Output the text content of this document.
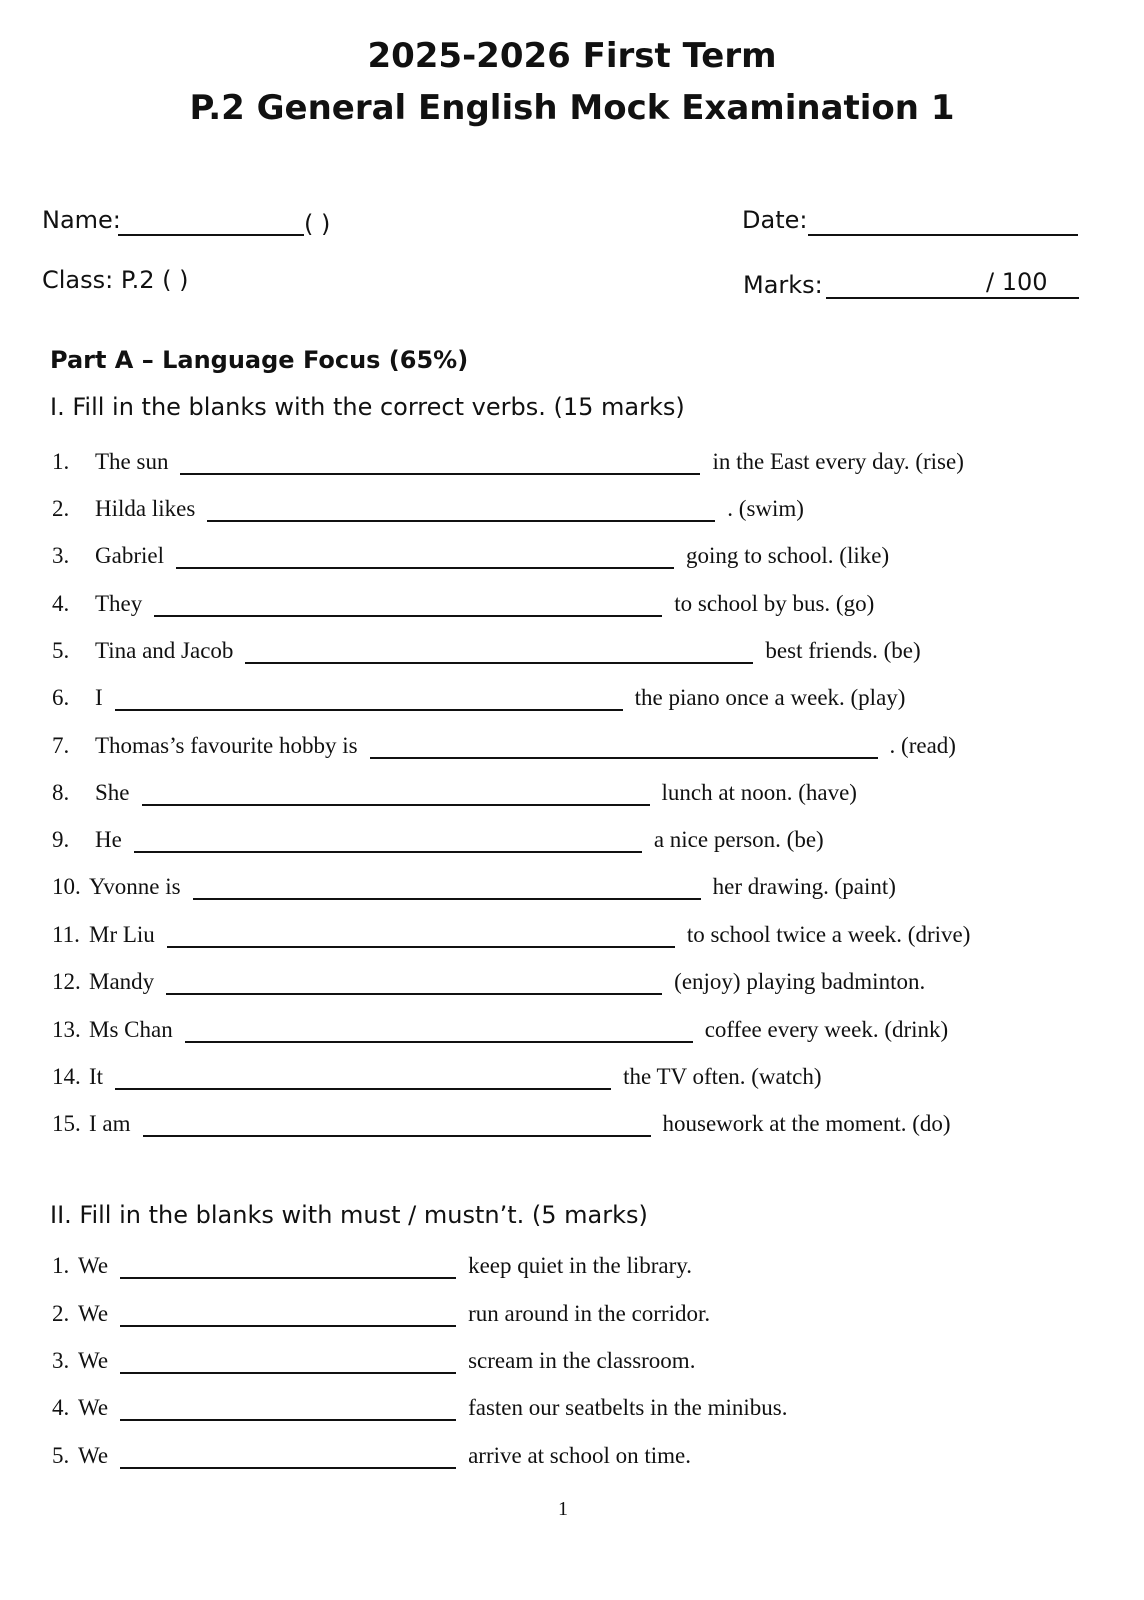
2025-2026 First Term
P.2 General English Mock Examination 1
Name:	( )	Date:
Class: P.2 ( )	Marks:	/ 100
Part A – Language Focus (65%)
I. Fill in the blanks with the correct verbs. (15 marks)
1.	The sun	in the East every day. (rise)
2.	Hilda likes	. (swim)
3.	Gabriel	going to school. (like)
4.	They	to school by bus. (go)
5.	Tina and Jacob	best friends. (be)
6.	I	the piano once a week. (play)
7.	Thomas’s favourite hobby is	. (read)
8.	She	lunch at noon. (have)
9.	He	a nice person. (be)
10. Yvonne is	her drawing. (paint)
11. Mr Liu	to school twice a week. (drive)
12. Mandy	(enjoy) playing badminton.
13. Ms Chan	coffee every week. (drink)
14. It	the TV often. (watch)
15. I am	housework at the moment. (do)
II. Fill in the blanks with must / mustn’t. (5 marks)
1. We	keep quiet in the library.
2. We	run around in the corridor.
3. We	scream in the classroom.
4. We	fasten our seatbelts in the minibus.
5. We	arrive at school on time.
1
